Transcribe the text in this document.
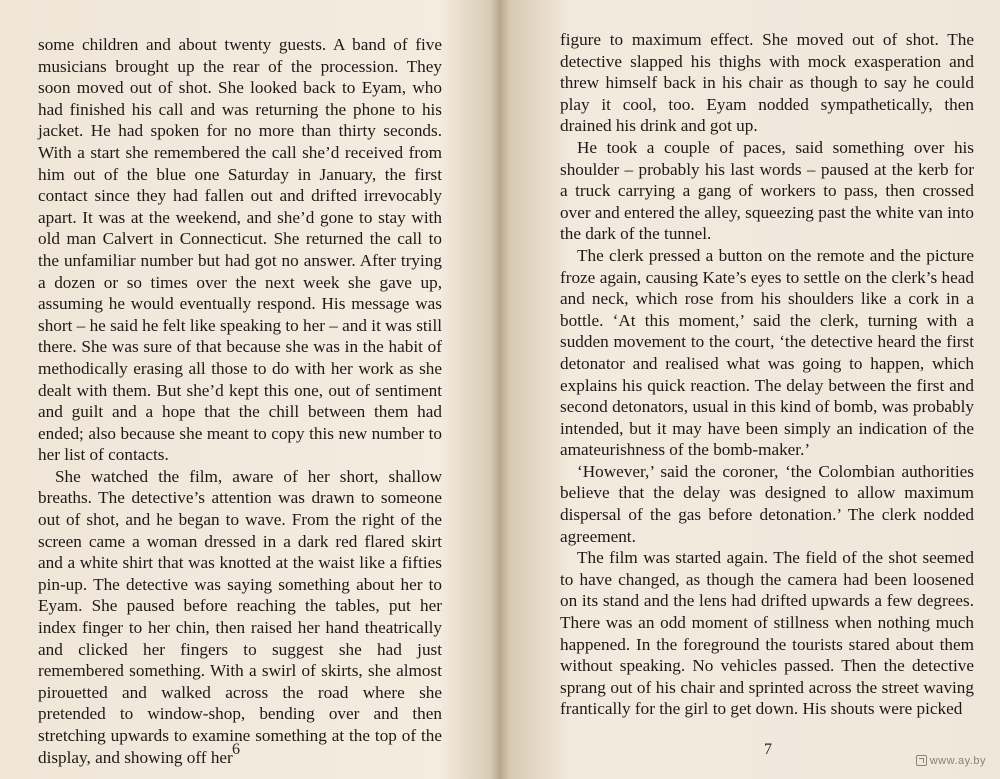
some children and about twenty guests. A band of five musicians brought up the rear of the procession. They soon moved out of shot. She looked back to Eyam, who had finished his call and was returning the phone to his jacket. He had spoken for no more than thirty seconds. With a start she remembered the call she’d received from him out of the blue one Saturday in January, the first contact since they had fallen out and drifted irrevocably apart. It was at the weekend, and she’d gone to stay with old man Calvert in Connecticut. She returned the call to the unfamiliar number but had got no answer. After trying a dozen or so times over the next week she gave up, assuming he would eventually respond. His message was short – he said he felt like speaking to her – and it was still there. She was sure of that because she was in the habit of methodically erasing all those to do with her work as she dealt with them. But she’d kept this one, out of sentiment and guilt and a hope that the chill between them had ended; also because she meant to copy this new number to her list of contacts.

She watched the film, aware of her short, shallow breaths. The detective’s attention was drawn to someone out of shot, and he began to wave. From the right of the screen came a woman dressed in a dark red flared skirt and a white shirt that was knotted at the waist like a fifties pin-up. The detective was saying something about her to Eyam. She paused before reaching the tables, put her index finger to her chin, then raised her hand theatrically and clicked her fingers to suggest she had just remembered something. With a swirl of skirts, she almost pirouetted and walked across the road where she pretended to window-shop, bending over and then stretching upwards to examine something at the top of the display, and showing off her 6

figure to maximum effect. She moved out of shot. The detective slapped his thighs with mock exasperation and threw himself back in his chair as though to say he could play it cool, too. Eyam nodded sympathetically, then drained his drink and got up.

He took a couple of paces, said something over his shoulder – probably his last words – paused at the kerb for a truck carrying a gang of workers to pass, then crossed over and entered the alley, squeezing past the white van into the dark of the tunnel.

The clerk pressed a button on the remote and the picture froze again, causing Kate’s eyes to settle on the clerk’s head and neck, which rose from his shoulders like a cork in a bottle. ‘At this moment,’ said the clerk, turning with a sudden movement to the court, ‘the detective heard the first detonator and realised what was going to happen, which explains his quick reaction. The delay between the first and second detonators, usual in this kind of bomb, was probably intended, but it may have been simply an indication of the amateurishness of the bomb-maker.’

‘However,’ said the coroner, ‘the Colombian authorities believe that the delay was designed to allow maximum dispersal of the gas before detonation.’ The clerk nodded agreement.

The film was started again. The field of the shot seemed to have changed, as though the camera had been loosened on its stand and the lens had drifted upwards a few degrees. There was an odd moment of stillness when nothing much happened. In the foreground the tourists stared about them without speaking. No vehicles passed. Then the detective sprang out of his chair and sprinted across the street waving frantically for the girl to get down. His shouts were picked

7
www.ay.by
